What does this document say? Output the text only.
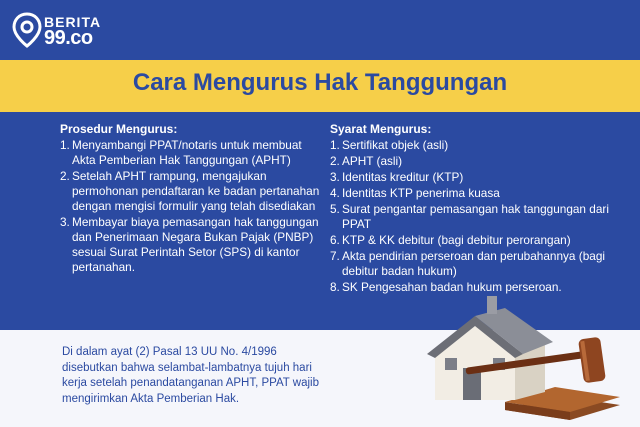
BERITA
99.co
Cara Mengurus Hak Tanggungan
Prosedur Mengurus:
1. Menyambangi PPAT/notaris untuk membuat Akta Pemberian Hak Tanggungan (APHT)
2. Setelah APHT rampung, mengajukan permohonan pendaftaran ke badan pertanahan dengan mengisi formulir yang telah disediakan
3. Membayar biaya pemasangan hak tanggungan dan Penerimaan Negara Bukan Pajak (PNBP) sesuai Surat Perintah Setor (SPS) di kantor pertanahan.
Syarat Mengurus:
1. Sertifikat objek (asli)
2. APHT (asli)
3. Identitas kreditur (KTP)
4. Identitas KTP penerima kuasa
5. Surat pengantar pemasangan hak tanggungan dari PPAT
6. KTP & KK debitur (bagi debitur perorangan)
7. Akta pendirian perseroan dan perubahannya (bagi debitur badan hukum)
8. SK Pengesahan badan hukum perseroan.
Di dalam ayat (2) Pasal 13 UU No. 4/1996 disebutkan bahwa selambat-lambatnya tujuh hari kerja setelah penandatanganan APHT, PPAT wajib mengirimkan Akta Pemberian Hak.
